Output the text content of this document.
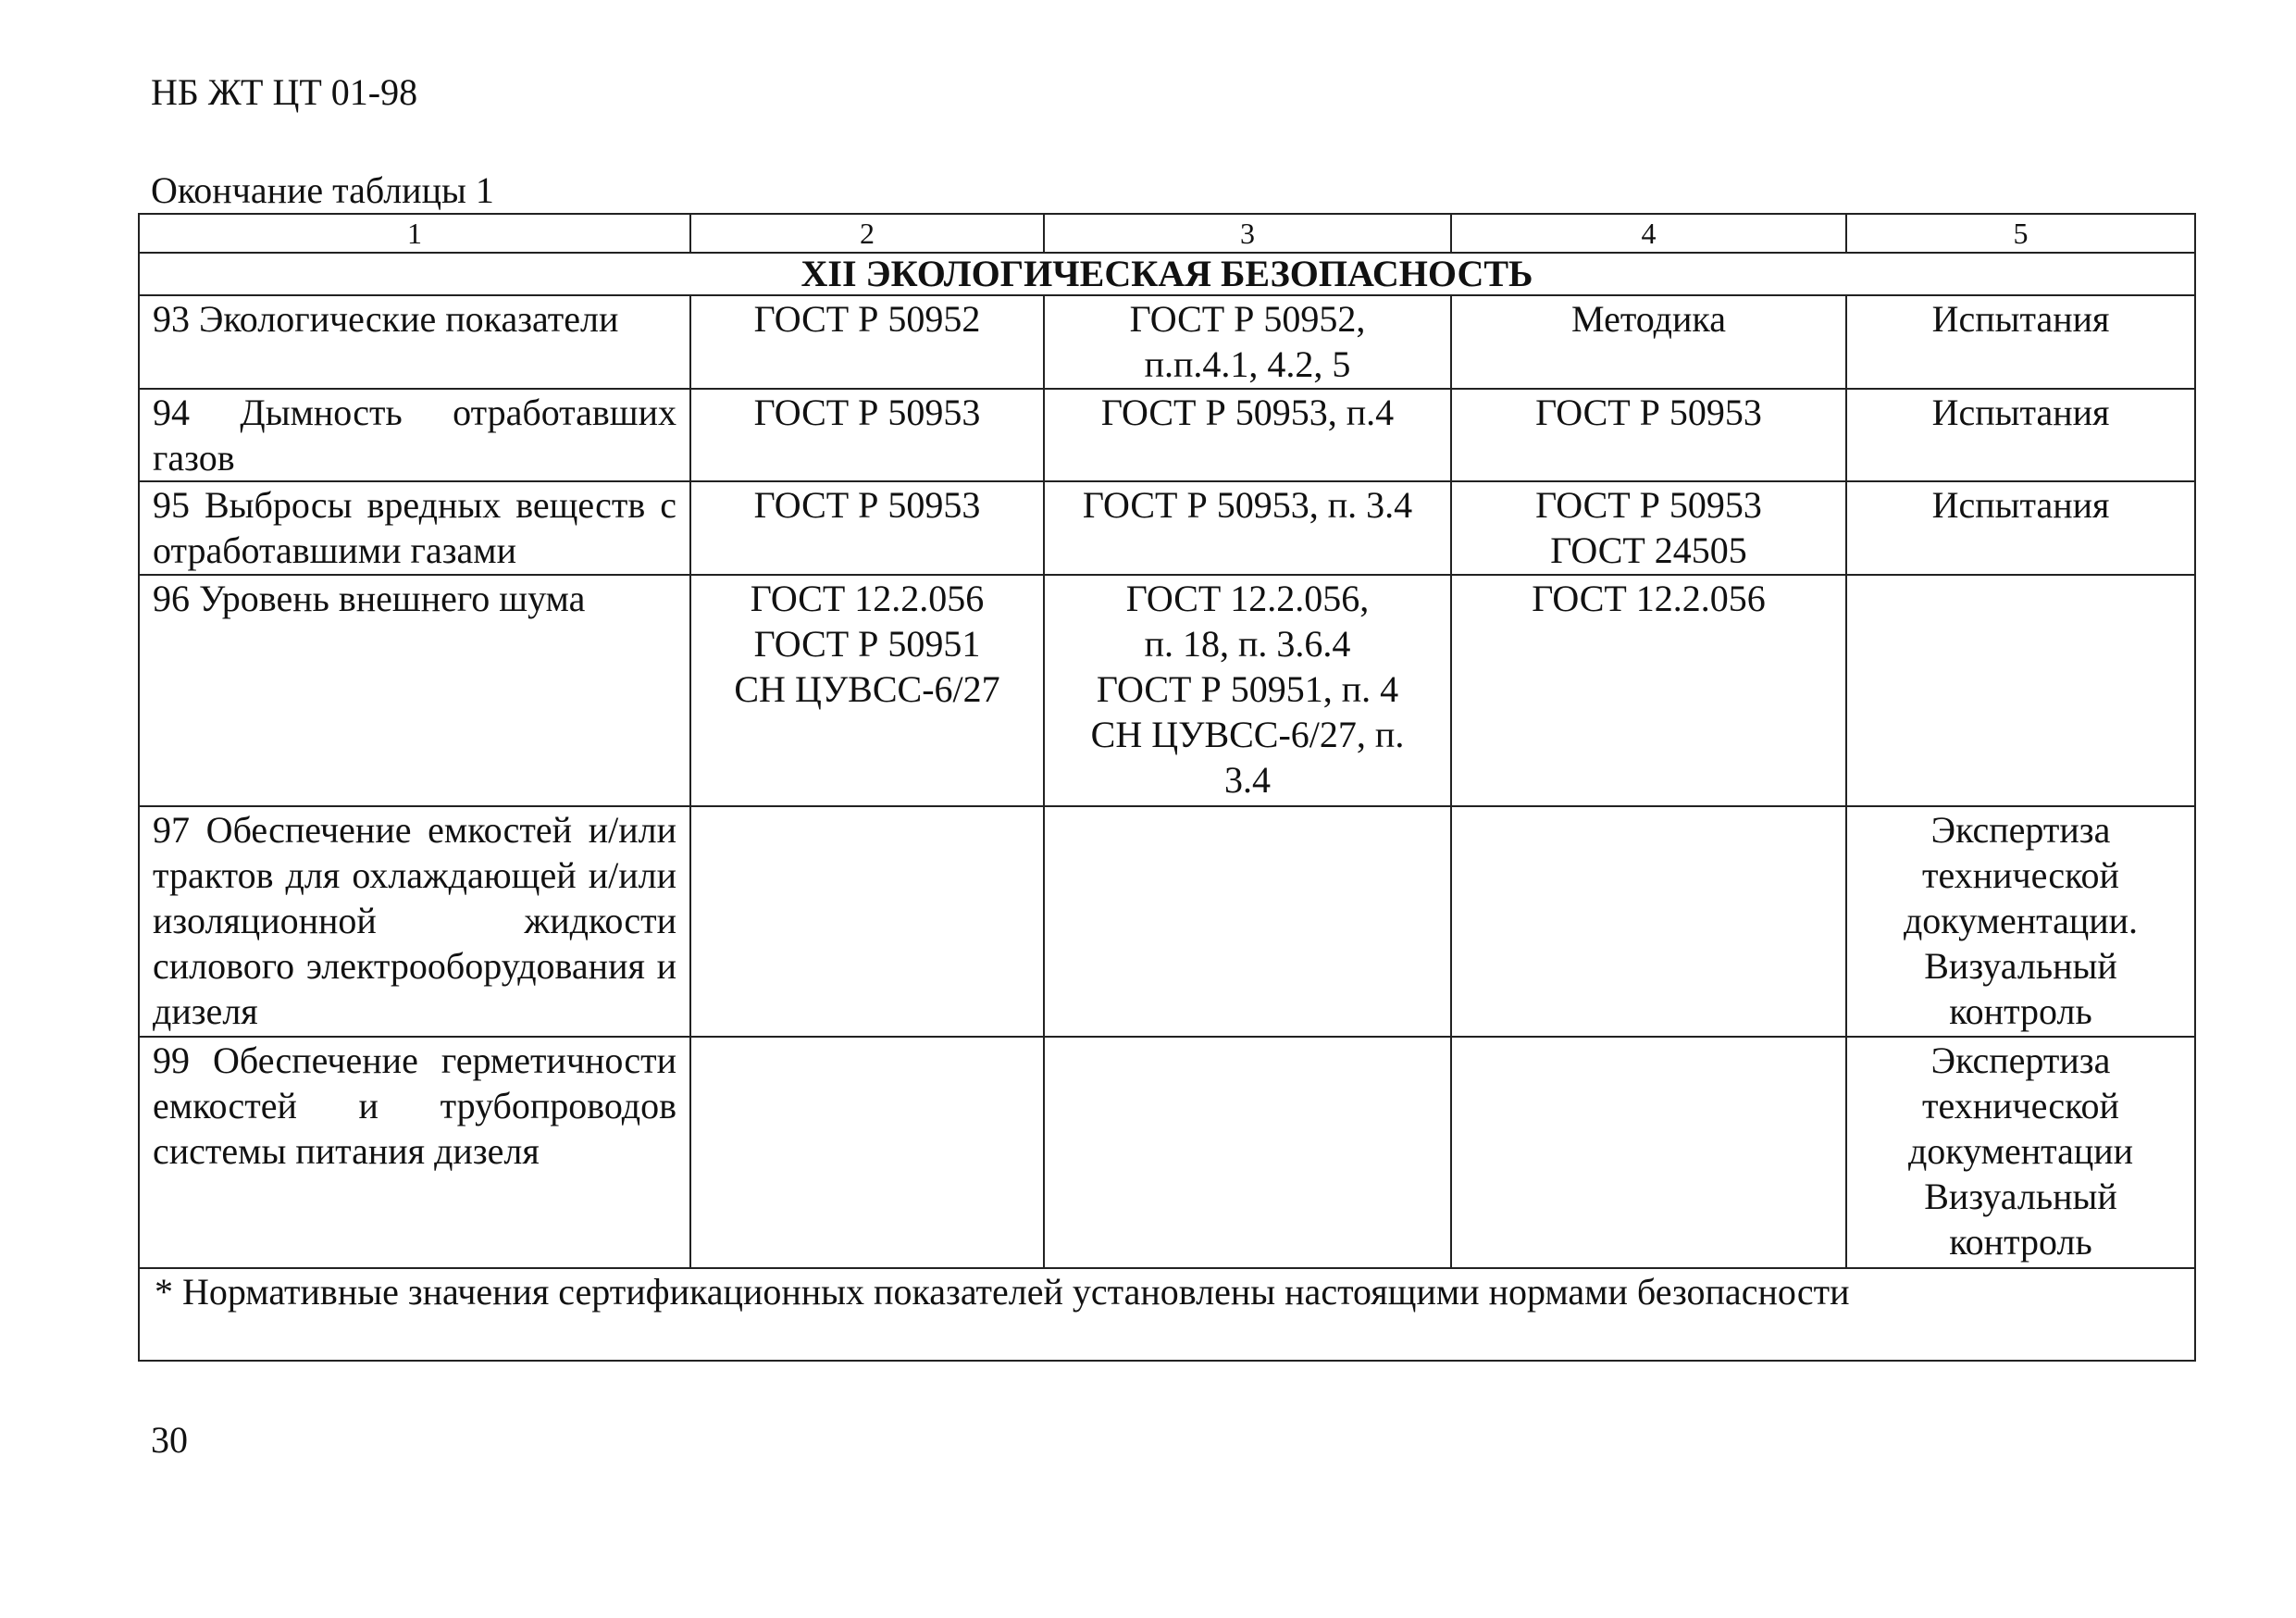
НБ ЖТ ЦТ 01-98
Окончание таблицы 1
1	2	3	4	5
XII ЭКОЛОГИЧЕСКАЯ БЕЗОПАСНОСТЬ				

93 Экологические показатели	ГОСТ Р 50952	ГОСТ Р 50952,
п.п.4.1, 4.2, 5	Методика	Испытания

94 Дымность отработавших газов	ГОСТ Р 50953	ГОСТ Р 50953, п.4	ГОСТ Р 50953	Испытания

95 Выбросы вредных веществ с отработавшими газами	ГОСТ Р 50953	ГОСТ Р 50953, п. 3.4	ГОСТ Р 50953
ГОСТ 24505	Испытания

96 Уровень внешнего шума	ГОСТ 12.2.056
ГОСТ Р 50951
СН ЦУВСС-6/27	ГОСТ 12.2.056,
п. 18, п. 3.6.4
ГОСТ Р 50951, п. 4
СН ЦУВСС-6/27, п.
3.4	ГОСТ 12.2.056	

97 Обеспечение емкостей и/или трактов для охлаждающей и/или изоляционной жидкости силового электрооборудования и дизеля				Экспертиза
технической
документации.
Визуальный
контроль

99 Обеспечение герметичности емкостей и трубопроводов системы питания дизеля				Экспертиза
технической
документации
Визуальный
контроль

* Нормативные значения сертификационных показателей установлены настоящими нормами безопасности				
30
